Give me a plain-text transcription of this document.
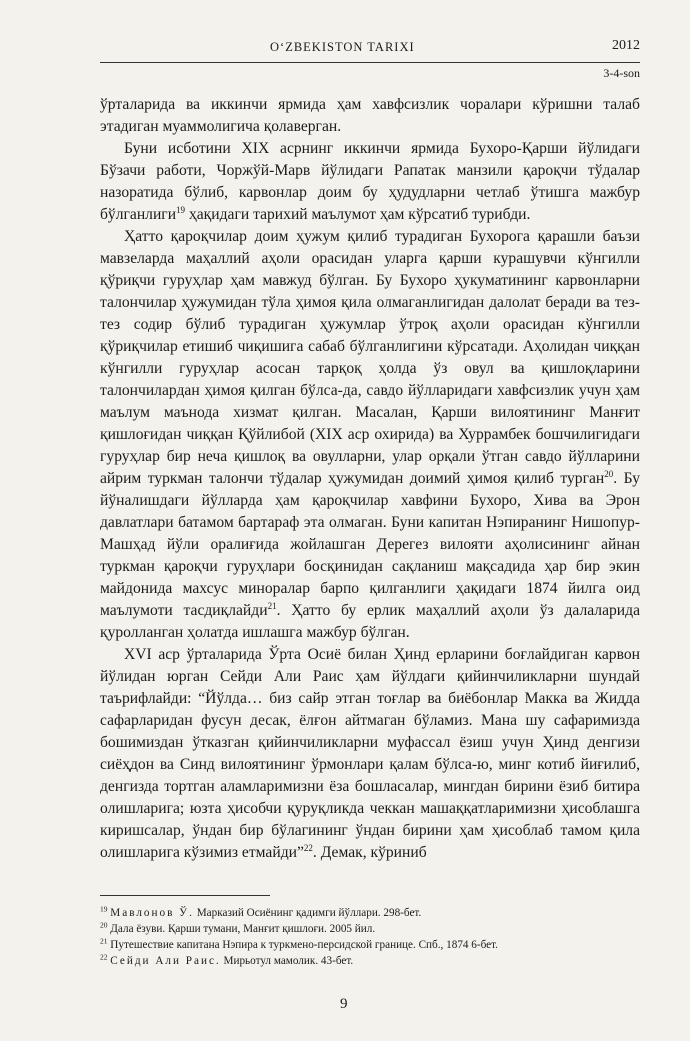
O‘ZBEKISTON TARIXI	2012
3-4-son

ўрталарида ва иккинчи ярмида ҳам хавфсизлик чоралари кўришни талаб этадиган муаммолигича қолаверган.

Буни исботини XIX асрнинг иккинчи ярмида Бухоро-Қарши йўлидаги Бўзачи работи, Чоржўй-Марв йўлидаги Рапатак манзили қароқчи тўдалар назоратида бўлиб, карвонлар доим бу ҳудудларни четлаб ўтишга мажбур бўлганлиги$^{19}$ ҳақидаги тарихий маълумот ҳам кўрсатиб турибди.

Ҳатто қароқчилар доим ҳужум қилиб турадиган Бухорога қарашли баъзи мавзеларда маҳаллий аҳоли орасидан уларга қарши курашувчи кўнгилли қўриқчи гуруҳлар ҳам мавжуд бўлган. Бу Бухоро ҳукуматининг карвонларни талончилар ҳужумидан тўла ҳимоя қила олмаганлигидан далолат беради ва тез-тез содир бўлиб турадиган ҳужумлар ўтроқ аҳоли орасидан кўнгилли қўриқчилар етишиб чиқишига сабаб бўлганлигини кўрсатади. Аҳолидан чиққан кўнгилли гуруҳлар асосан тарқоқ ҳолда ўз овул ва қишлоқларини талончилардан ҳимоя қилган бўлса-да, савдо йўлларидаги хавфсизлик учун ҳам маълум маънода хизмат қилган. Масалан, Қарши вилоятининг Манғит қишлоғидан чиққан Қўйлибой (XIX аср охирида) ва Хуррамбек бошчилигидаги гуруҳлар бир неча қишлоқ ва овулларни, улар орқали ўтган савдо йўлларини айрим туркман талончи тўдалар ҳужумидан доимий ҳимоя қилиб турган$^{20}$. Бу йўналишдаги йўлларда ҳам қароқчилар хавфини Бухоро, Хива ва Эрон давлатлари батамом бартараф эта олмаган. Буни капитан Нэпиранинг Нишопур-Машҳад йўли оралиғида жойлашган Дерегез вилояти аҳолисининг айнан туркман қароқчи гуруҳлари босқинидан сақланиш мақсадида ҳар бир экин майдонида махсус миноралар барпо қилганлиги ҳақидаги 1874 йилга оид маълумоти тасдиқлайди$^{21}$. Ҳатто бу ерлик маҳаллий аҳоли ўз далаларида қуролланган ҳолатда ишлашга мажбур бўлган.

XVI аср ўрталарида Ўрта Осиё билан Ҳинд ерларини боғлайдиган карвон йўлидан юрган Сейди Али Раис ҳам йўлдаги қийинчиликларни шундай таърифлайди: “Йўлда… биз сайр этган тоғлар ва биёбонлар Макка ва Жидда сафарларидан фусун десак, ёлғон айтмаган бўламиз. Мана шу сафаримизда бошимиздан ўтказган қийинчиликларни муфассал ёзиш учун Ҳинд денгизи сиёҳдон ва Синд вилоятининг ўрмонлари қалам бўлса-ю, минг котиб йиғилиб, денгизда тортган аламларимизни ёза бошласалар, мингдан бирини ёзиб битира олишларига; юзта ҳисобчи қуруқликда чеккан машаққатларимизни ҳисоблашга киришсалар, ўндан бир бўлагининг ўндан бирини ҳам ҳисоблаб тамом қила олишларига кўзимиз етмайди”$^{22}$. Демак, кўриниб

$^{19}$ Мавлонов Ў. Марказий Осиёнинг қадимги йўллари. 298-бет.
$^{20}$ Дала ёзуви. Қарши тумани, Манғит қишлоғи. 2005 йил.
$^{21}$ Путешествие капитана Нэпира к туркмено-персидской границе. Спб., 1874 6-бет.
$^{22}$ Сейди Али Раис. Мирьотул мамолик. 43-бет.
9
